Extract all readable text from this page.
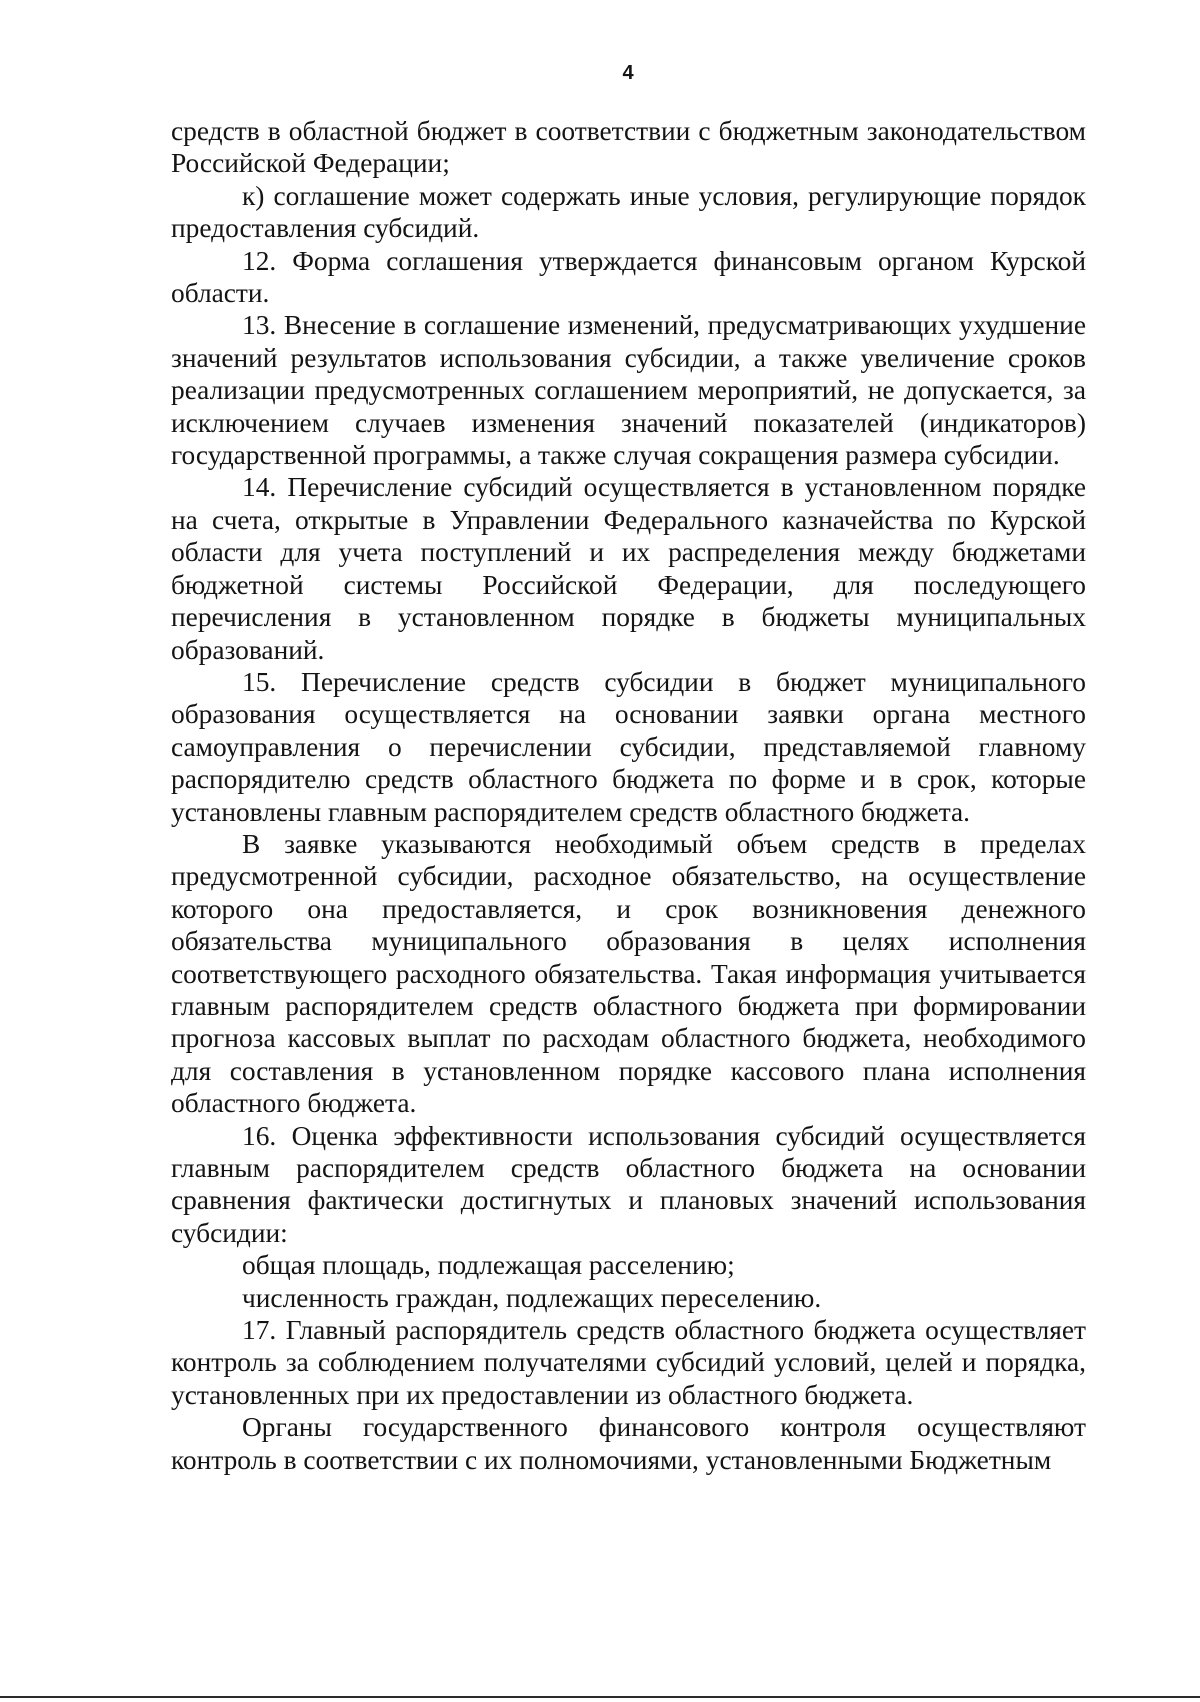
4

средств в областной бюджет в соответствии с бюджетным законодательством Российской Федерации;

к) соглашение может содержать иные условия, регулирующие порядок предоставления субсидий.

12. Форма соглашения утверждается финансовым органом Курской области.

13. Внесение в соглашение изменений, предусматривающих ухудшение значений результатов использования субсидии, а также увеличение сроков реализации предусмотренных соглашением мероприятий, не допускается, за исключением случаев изменения значений показателей (индикаторов) государственной программы, а также случая сокращения размера субсидии.

14. Перечисление субсидий осуществляется в установленном порядке на счета, открытые в Управлении Федерального казначейства по Курской области для учета поступлений и их распределения между бюджетами бюджетной системы Российской Федерации, для последующего перечисления в установленном порядке в бюджеты муниципальных образований.

15. Перечисление средств субсидии в бюджет муниципального образования осуществляется на основании заявки органа местного самоуправления о перечислении субсидии, представляемой главному распорядителю средств областного бюджета по форме и в срок, которые установлены главным распорядителем средств областного бюджета.

В заявке указываются необходимый объем средств в пределах предусмотренной субсидии, расходное обязательство, на осуществление которого она предоставляется, и срок возникновения денежного обязательства муниципального образования в целях исполнения соответствующего расходного обязательства. Такая информация учитывается главным распорядителем средств областного бюджета при формировании прогноза кассовых выплат по расходам областного бюджета, необходимого для составления в установленном порядке кассового плана исполнения областного бюджета.

16. Оценка эффективности использования субсидий осуществляется главным распорядителем средств областного бюджета на основании сравнения фактически достигнутых и плановых значений использования субсидии:

общая площадь, подлежащая расселению;

численность граждан, подлежащих переселению.

17. Главный распорядитель средств областного бюджета осуществляет контроль за соблюдением получателями субсидий условий, целей и порядка, установленных при их предоставлении из областного бюджета.

Органы государственного финансового контроля осуществляют контроль в соответствии с их полномочиями, установленными Бюджетным
